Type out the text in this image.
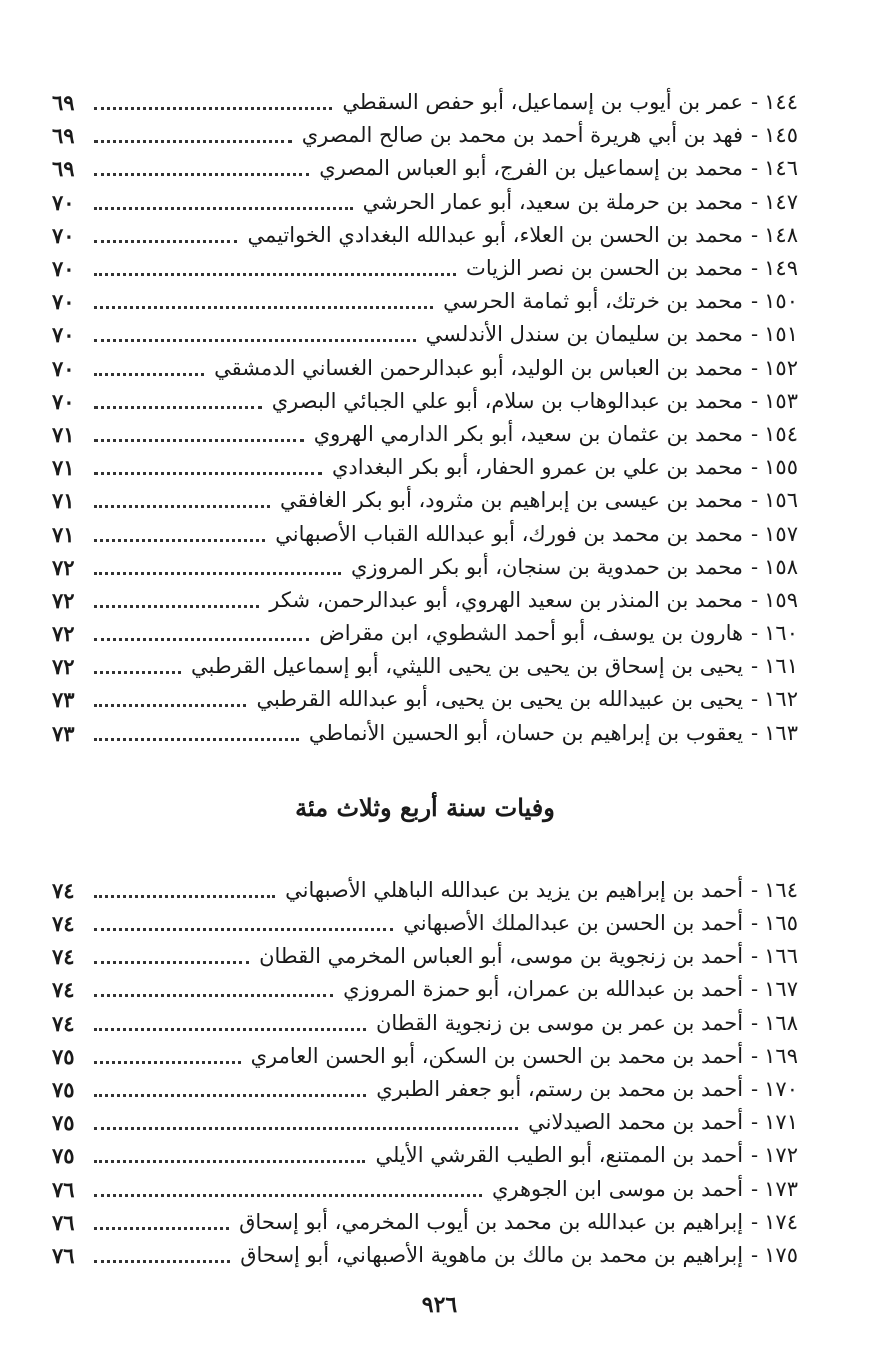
١٤٤
-
عمر بن أيوب بن إسماعيل، أبو حفص السقطي
٦٩
١٤٥
-
فهد بن أبي هريرة أحمد بن محمد بن صالح المصري
٦٩
١٤٦
-
محمد بن إسماعيل بن الفرج، أبو العباس المصري
٦٩
١٤٧
-
محمد بن حرملة بن سعيد، أبو عمار الحرشي
٧٠
١٤٨
-
محمد بن الحسن بن العلاء، أبو عبدالله البغدادي الخواتيمي
٧٠
١٤٩
-
محمد بن الحسن بن نصر الزيات
٧٠
١٥٠
-
محمد بن خرتك، أبو ثمامة الحرسي
٧٠
١٥١
-
محمد بن سليمان بن سندل الأندلسي
٧٠
١٥٢
-
محمد بن العباس بن الوليد، أبو عبدالرحمن الغساني الدمشقي
٧٠
١٥٣
-
محمد بن عبدالوهاب بن سلام، أبو علي الجبائي البصري
٧٠
١٥٤
-
محمد بن عثمان بن سعيد، أبو بكر الدارمي الهروي
٧١
١٥٥
-
محمد بن علي بن عمرو الحفار، أبو بكر البغدادي
٧١
١٥٦
-
محمد بن عيسى بن إبراهيم بن مثرود، أبو بكر الغافقي
٧١
١٥٧
-
محمد بن محمد بن فورك، أبو عبدالله القباب الأصبهاني
٧١
١٥٨
-
محمد بن حمدوية بن سنجان، أبو بكر المروزي
٧٢
١٥٩
-
محمد بن المنذر بن سعيد الهروي، أبو عبدالرحمن، شكر
٧٢
١٦٠
-
هارون بن يوسف، أبو أحمد الشطوي، ابن مقراض
٧٢
١٦١
-
يحيى بن إسحاق بن يحيى بن يحيى الليثي، أبو إسماعيل القرطبي
٧٢
١٦٢
-
يحيى بن عبيدالله بن يحيى بن يحيى، أبو عبدالله القرطبي
٧٣
١٦٣
-
يعقوب بن إبراهيم بن حسان، أبو الحسين الأنماطي
٧٣
وفيات سنة أربع وثلاث مئة
١٦٤
-
أحمد بن إبراهيم بن يزيد بن عبدالله الباهلي الأصبهاني
٧٤
١٦٥
-
أحمد بن الحسن بن عبدالملك الأصبهاني
٧٤
١٦٦
-
أحمد بن زنجوية بن موسى، أبو العباس المخرمي القطان
٧٤
١٦٧
-
أحمد بن عبدالله بن عمران، أبو حمزة المروزي
٧٤
١٦٨
-
أحمد بن عمر بن موسى بن زنجوية القطان
٧٤
١٦٩
-
أحمد بن محمد بن الحسن بن السكن، أبو الحسن العامري
٧٥
١٧٠
-
أحمد بن محمد بن رستم، أبو جعفر الطبري
٧٥
١٧١
-
أحمد بن محمد الصيدلاني
٧٥
١٧٢
-
أحمد بن الممتنع، أبو الطيب القرشي الأيلي
٧٥
١٧٣
-
أحمد بن موسى ابن الجوهري
٧٦
١٧٤
-
إبراهيم بن عبدالله بن محمد بن أيوب المخرمي، أبو إسحاق
٧٦
١٧٥
-
إبراهيم بن محمد بن مالك بن ماهوية الأصبهاني، أبو إسحاق
٧٦
٩٢٦
